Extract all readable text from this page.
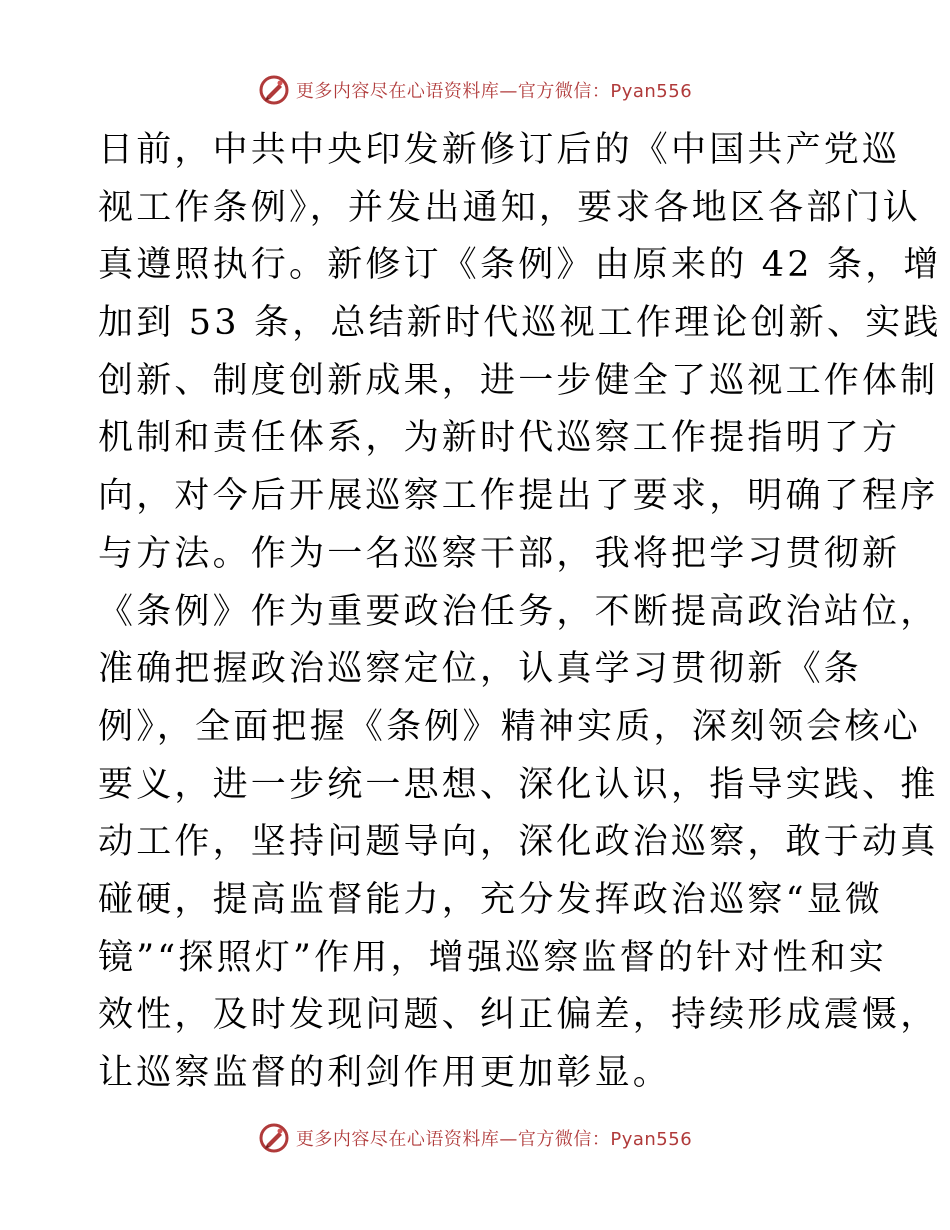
更多内容尽在心语资料库—官方微信：Pyan556
日前，中共中央印发新修订后的《中国共产党巡
视工作条例》，并发出通知，要求各地区各部门认
真遵照执行。新修订《条例》由原来的 42 条，增
加到 53 条，总结新时代巡视工作理论创新、实践
创新、制度创新成果，进一步健全了巡视工作体制
机制和责任体系，为新时代巡察工作提指明了方
向，对今后开展巡察工作提出了要求，明确了程序
与方法。作为一名巡察干部，我将把学习贯彻新
《条例》作为重要政治任务，不断提高政治站位，
准确把握政治巡察定位，认真学习贯彻新《条
例》，全面把握《条例》精神实质，深刻领会核心
要义，进一步统一思想、深化认识，指导实践、推
动工作，坚持问题导向，深化政治巡察，敢于动真
碰硬，提高监督能力，充分发挥政治巡察“显微
镜”“探照灯”作用，增强巡察监督的针对性和实
效性，及时发现问题、纠正偏差，持续形成震慑，
让巡察监督的利剑作用更加彰显。
更多内容尽在心语资料库—官方微信：Pyan556
